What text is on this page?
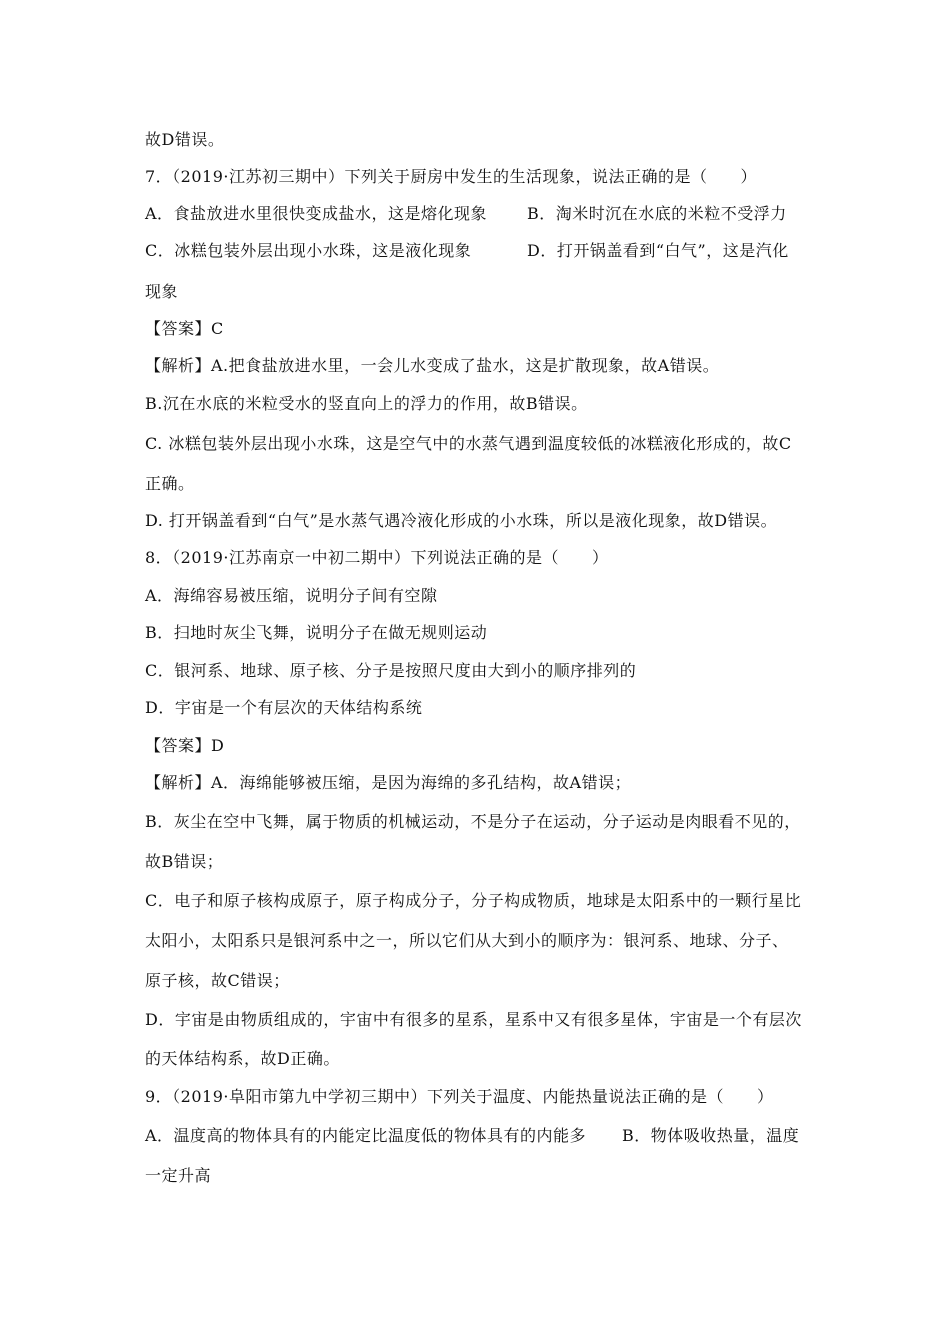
故D错误。
7．（2019·江苏初三期中）下列关于厨房中发生的生活现象，说法正确的是（　　）
A．食盐放进水里很快变成盐水，这是熔化现象 B．淘米时沉在水底的米粒不受浮力
C．冰糕包装外层出现小水珠，这是液化现象	D．打开锅盖看到“白气”，这是汽化
现象
【答案】C
【解析】A.把食盐放进水里，一会儿水变成了盐水，这是扩散现象，故A错误。
B.沉在水底的米粒受水的竖直向上的浮力的作用，故B错误。
C. 冰糕包装外层出现小水珠，这是空气中的水蒸气遇到温度较低的冰糕液化形成的，故C
正确。
D. 打开锅盖看到“白气”是水蒸气遇冷液化形成的小水珠，所以是液化现象，故D错误。
8．（2019·江苏南京一中初二期中）下列说法正确的是（　　）
A．海绵容易被压缩，说明分子间有空隙
B．扫地时灰尘飞舞，说明分子在做无规则运动
C．银河系、地球、原子核、分子是按照尺度由大到小的顺序排列的
D．宇宙是一个有层次的天体结构系统
【答案】D
【解析】A．海绵能够被压缩，是因为海绵的多孔结构，故A错误；
B．灰尘在空中飞舞，属于物质的机械运动，不是分子在运动，分子运动是肉眼看不见的，
故B错误；
C．电子和原子核构成原子，原子构成分子，分子构成物质，地球是太阳系中的一颗行星比
太阳小，太阳系只是银河系中之一，所以它们从大到小的顺序为：银河系、地球、分子、
原子核，故C错误；
D．宇宙是由物质组成的，宇宙中有很多的星系，星系中又有很多星体，宇宙是一个有层次
的天体结构系，故D正确。
9．（2019·阜阳市第九中学初三期中）下列关于温度、内能热量说法正确的是（　　）
A．温度高的物体具有的内能定比温度低的物体具有的内能多 B．物体吸收热量，温度
一定升高
